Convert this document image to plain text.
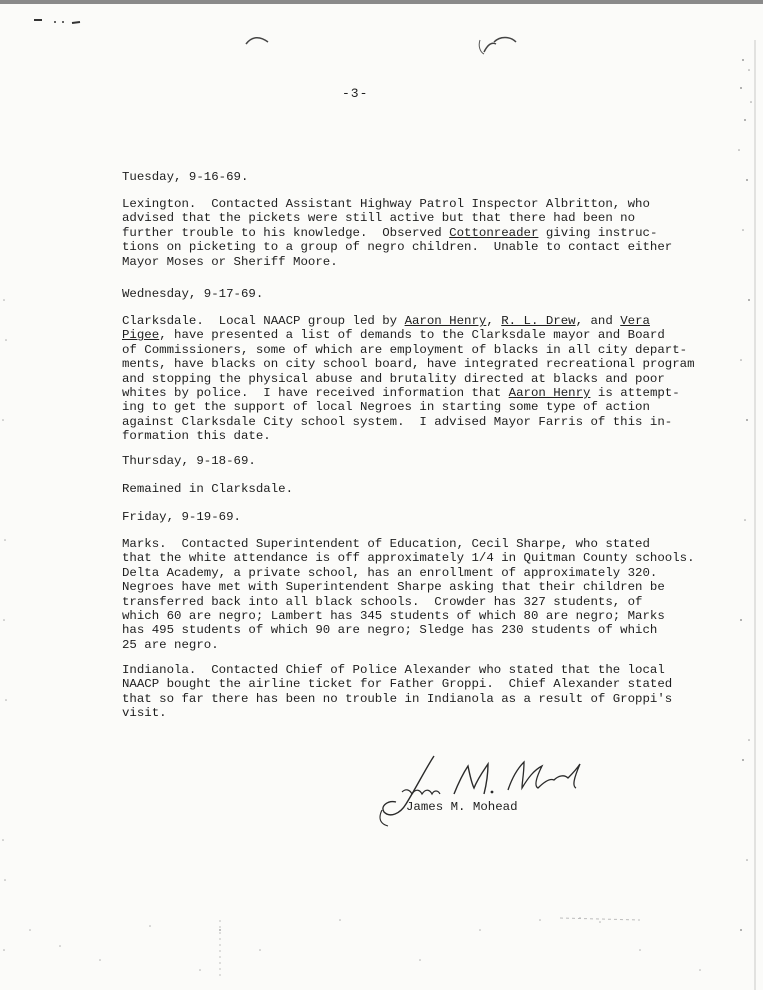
-3-
Tuesday, 9-16-69.
Lexington.  Contacted Assistant Highway Patrol Inspector Albritton, who
advised that the pickets were still active but that there had been no
further trouble to his knowledge.  Observed Cottonreader giving instruc-
tions on picketing to a group of negro children.  Unable to contact either
Mayor Moses or Sheriff Moore.
Wednesday, 9-17-69.
Clarksdale.  Local NAACP group led by Aaron Henry, R. L. Drew, and Vera
Pigee, have presented a list of demands to the Clarksdale mayor and Board
of Commissioners, some of which are employment of blacks in all city depart-
ments, have blacks on city school board, have integrated recreational program
and stopping the physical abuse and brutality directed at blacks and poor
whites by police.  I have received information that Aaron Henry is attempt-
ing to get the support of local Negroes in starting some type of action
against Clarksdale City school system.  I advised Mayor Farris of this in-
formation this date.
Thursday, 9-18-69.
Remained in Clarksdale.
Friday, 9-19-69.
Marks.  Contacted Superintendent of Education, Cecil Sharpe, who stated
that the white attendance is off approximately 1/4 in Quitman County schools.
Delta Academy, a private school, has an enrollment of approximately 320.
Negroes have met with Superintendent Sharpe asking that their children be
transferred back into all black schools.  Crowder has 327 students, of
which 60 are negro; Lambert has 345 students of which 80 are negro; Marks
has 495 students of which 90 are negro; Sledge has 230 students of which
25 are negro.
Indianola.  Contacted Chief of Police Alexander who stated that the local
NAACP bought the airline ticket for Father Groppi.  Chief Alexander stated
that so far there has been no trouble in Indianola as a result of Groppi's
visit.
James M. Mohead
